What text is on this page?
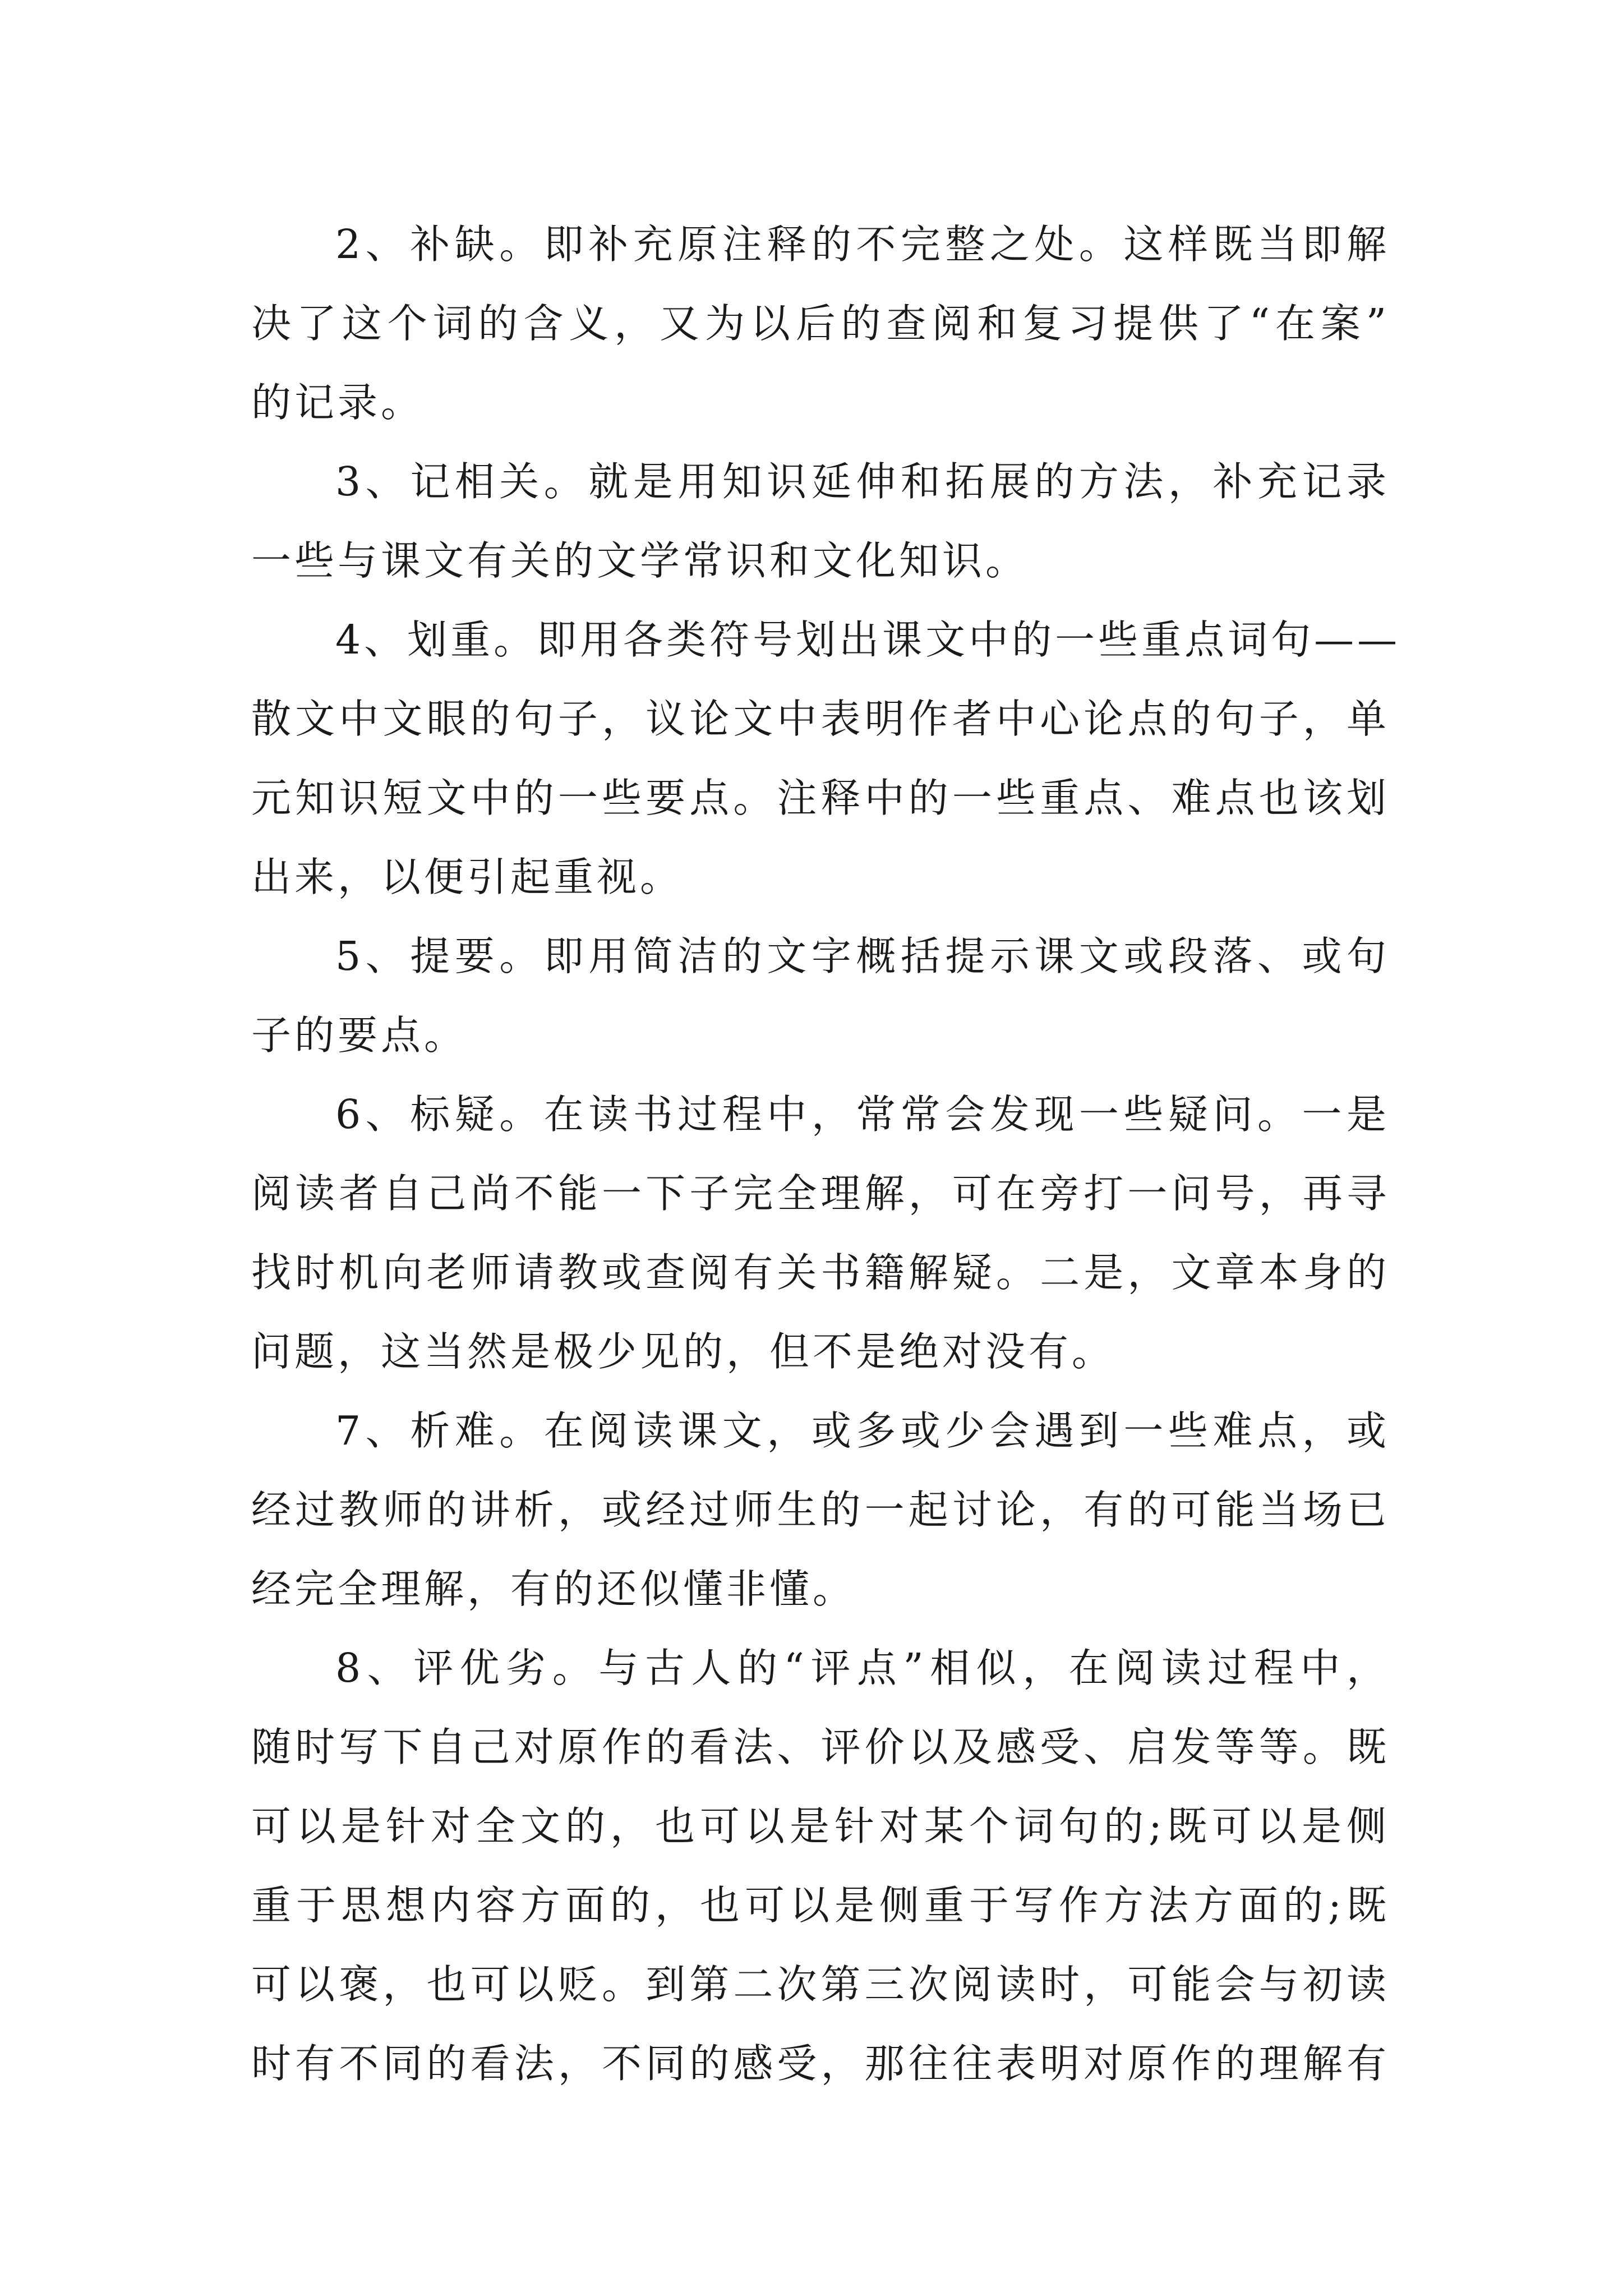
2、补缺。即补充原注释的不完整之处。这样既当即解
决了这个词的含义，又为以后的查阅和复习提供了“在案”
的记录。

3、记相关。就是用知识延伸和拓展的方法，补充记录
一些与课文有关的文学常识和文化知识。

4、划重。即用各类符号划出课文中的一些重点词句——
散文中文眼的句子，议论文中表明作者中心论点的句子，单
元知识短文中的一些要点。注释中的一些重点、难点也该划
出来，以便引起重视。

5、提要。即用简洁的文字概括提示课文或段落、或句
子的要点。

6、标疑。在读书过程中，常常会发现一些疑问。一是
阅读者自己尚不能一下子完全理解，可在旁打一问号，再寻
找时机向老师请教或查阅有关书籍解疑。二是，文章本身的
问题，这当然是极少见的，但不是绝对没有。

7、析难。在阅读课文，或多或少会遇到一些难点，或
经过教师的讲析，或经过师生的一起讨论，有的可能当场已
经完全理解，有的还似懂非懂。

8、评优劣。与古人的“评点”相似，在阅读过程中，
随时写下自己对原作的看法、评价以及感受、启发等等。既
可以是针对全文的，也可以是针对某个词句的;既可以是侧
重于思想内容方面的，也可以是侧重于写作方法方面的;既
可以褒，也可以贬。到第二次第三次阅读时，可能会与初读
时有不同的看法，不同的感受，那往往表明对原作的理解有
